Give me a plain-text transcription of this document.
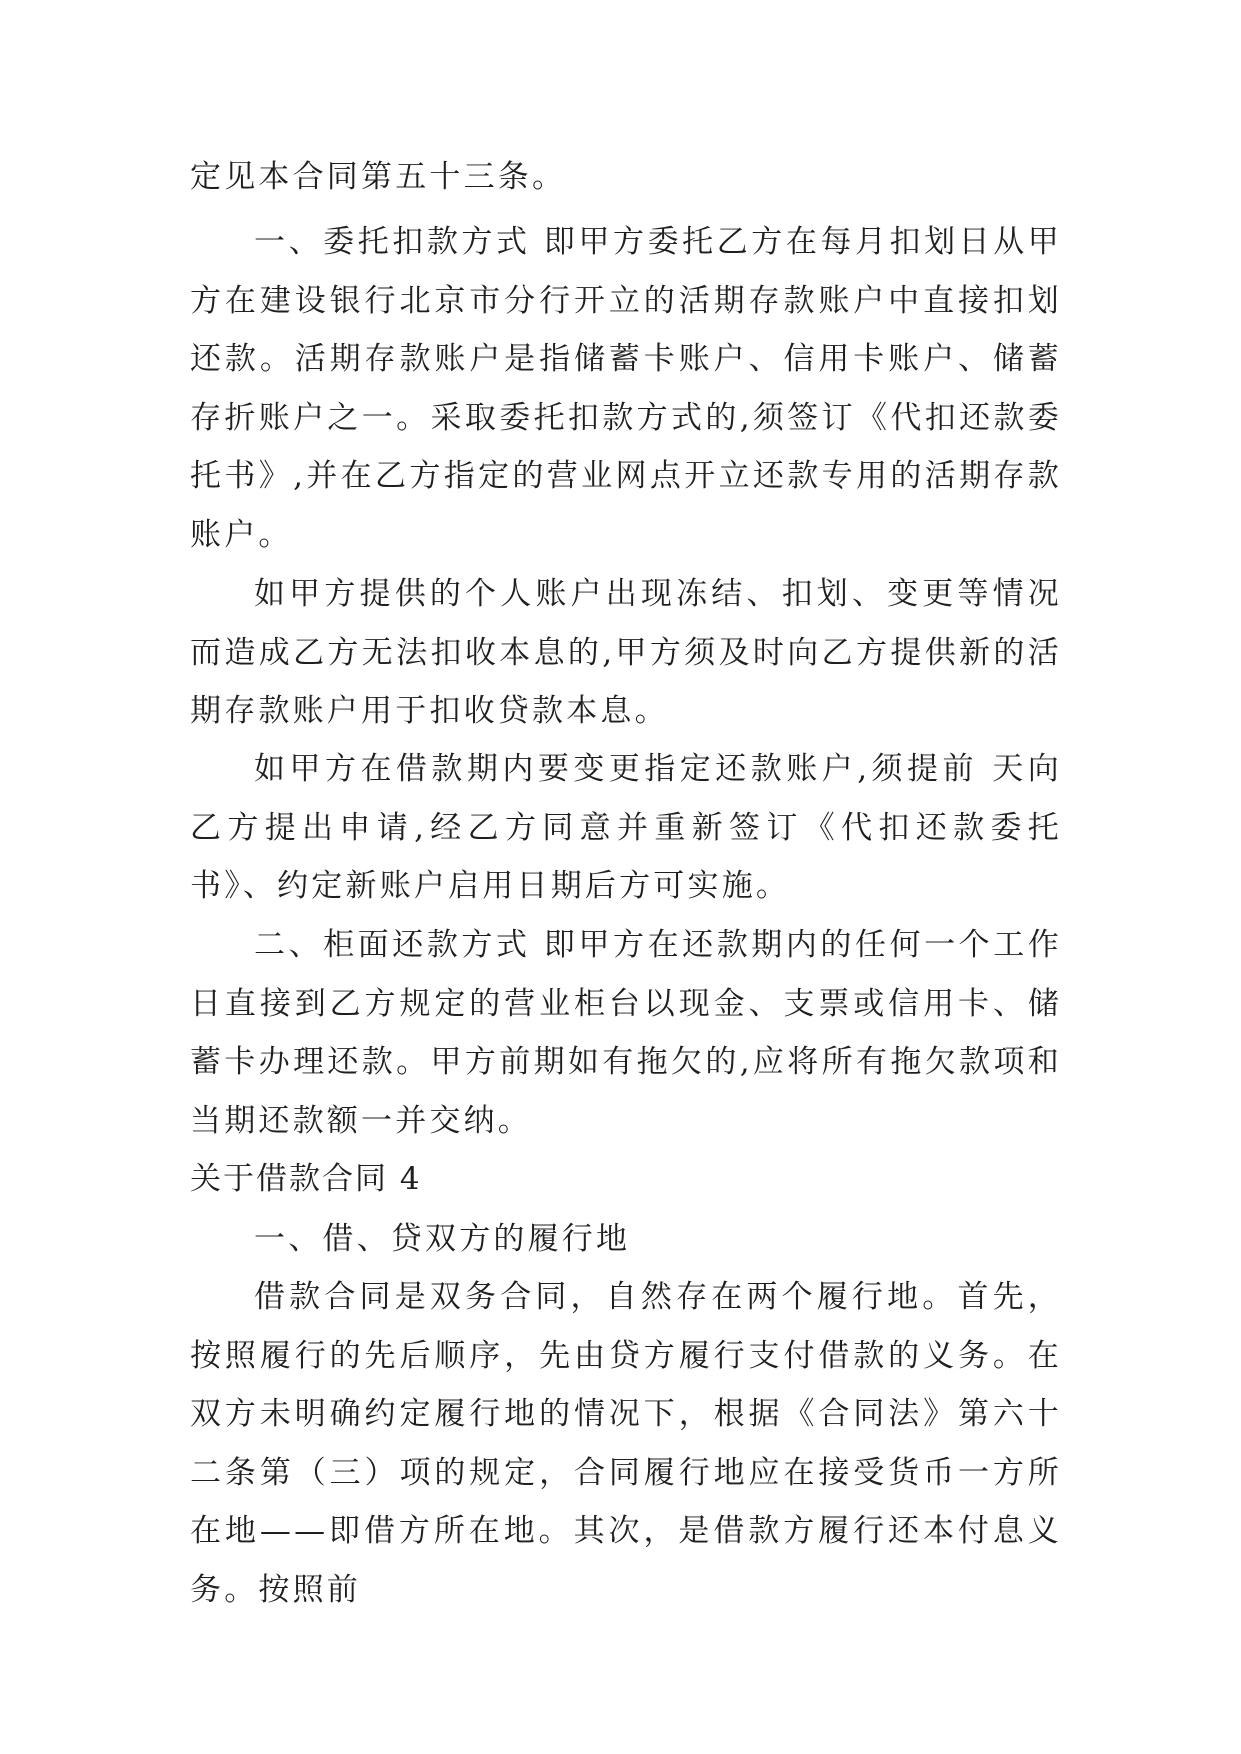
定见本合同第五十三条。

一、委托扣款方式 即甲方委托乙方在每月扣划日从甲方在建设银行北京市分行开立的活期存款账户中直接扣划还款。活期存款账户是指储蓄卡账户、信用卡账户、储蓄存折账户之一。采取委托扣款方式的,须签订《代扣还款委托书》,并在乙方指定的营业网点开立还款专用的活期存款账户。

如甲方提供的个人账户出现冻结、扣划、变更等情况而造成乙方无法扣收本息的,甲方须及时向乙方提供新的活期存款账户用于扣收贷款本息。

如甲方在借款期内要变更指定还款账户,须提前 天向乙方提出申请,经乙方同意并重新签订《代扣还款委托书》、约定新账户启用日期后方可实施。

二、柜面还款方式 即甲方在还款期内的任何一个工作日直接到乙方规定的营业柜台以现金、支票或信用卡、储蓄卡办理还款。甲方前期如有拖欠的,应将所有拖欠款项和当期还款额一并交纳。

关于借款合同 4

一、借、贷双方的履行地

借款合同是双务合同，自然存在两个履行地。首先，按照履行的先后顺序，先由贷方履行支付借款的义务。在双方未明确约定履行地的情况下，根据《合同法》第六十二条第（三）项的规定，合同履行地应在接受货币一方所在地——即借方所在地。其次，是借款方履行还本付息义务。按照前
